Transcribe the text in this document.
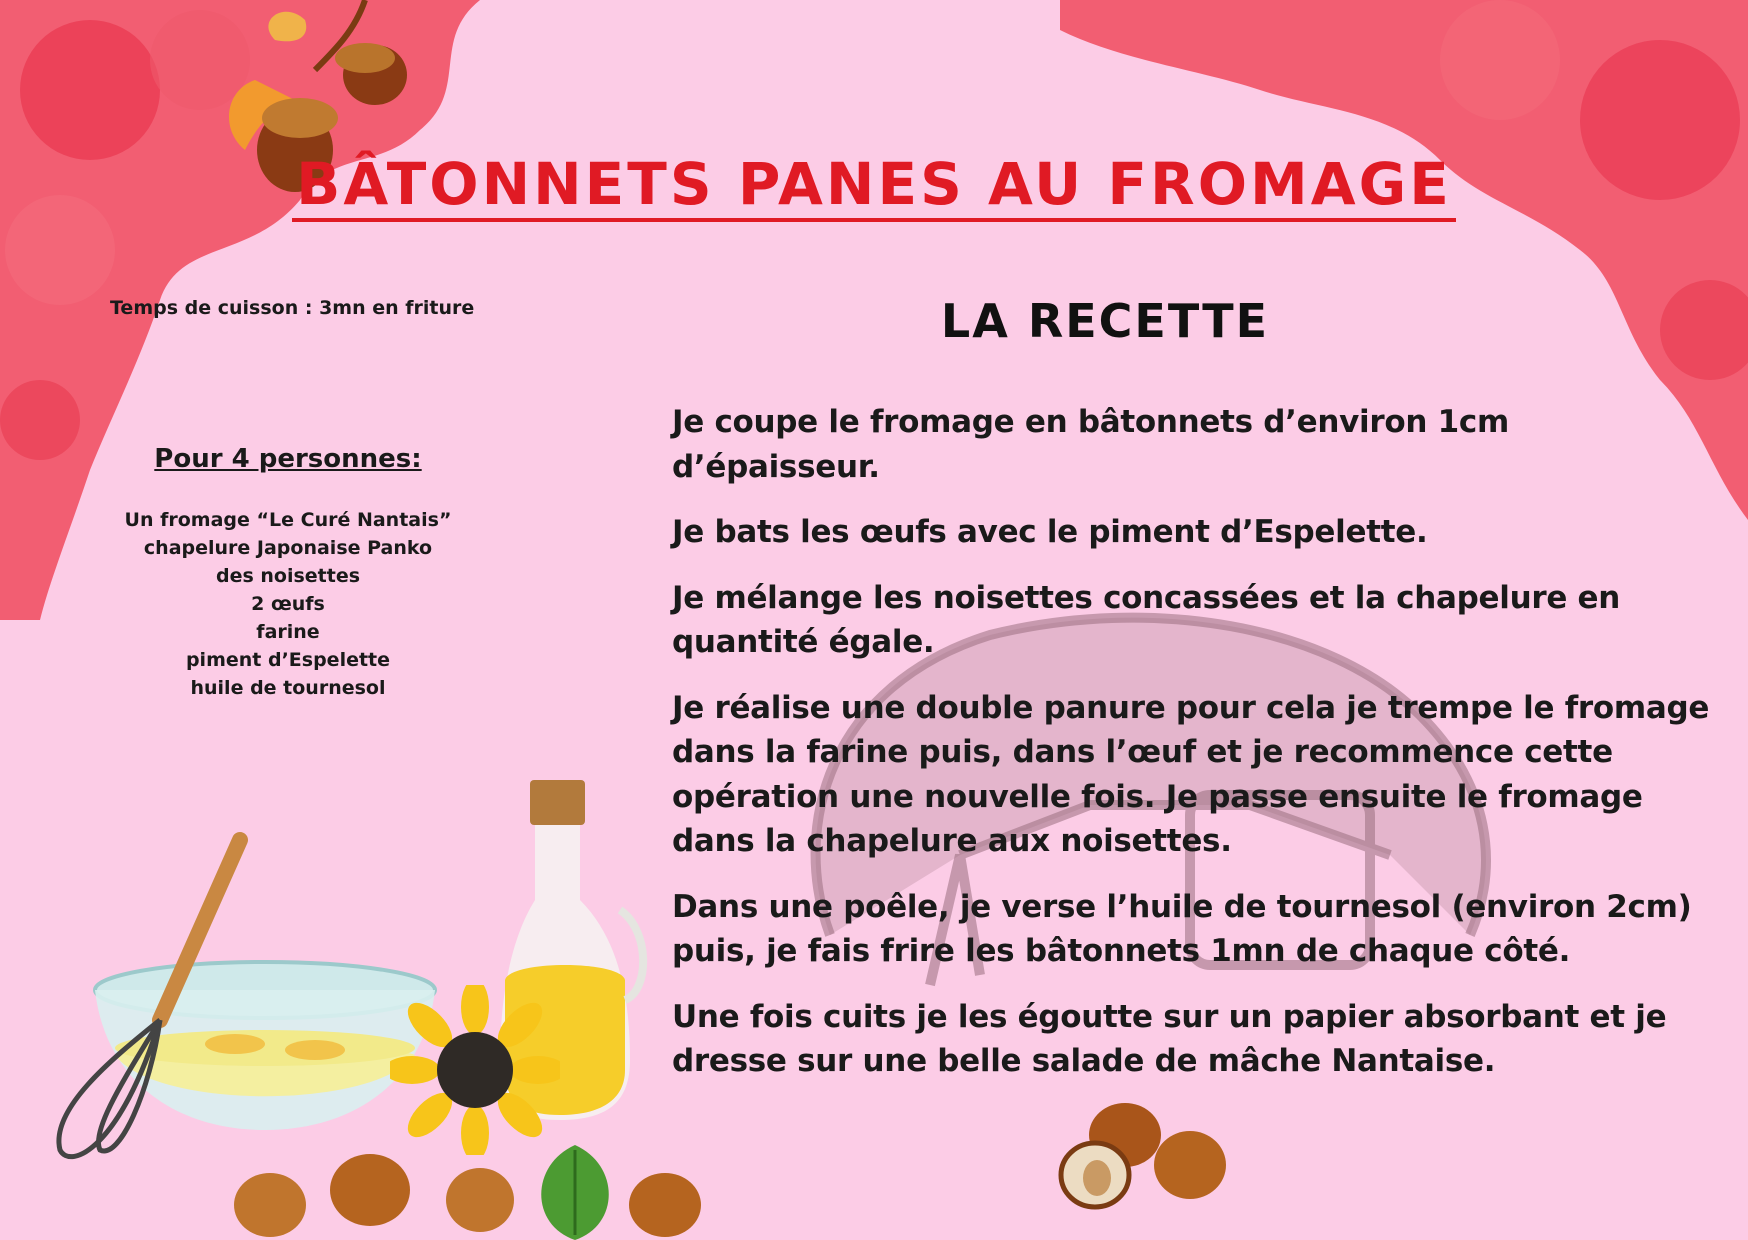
BÂTONNETS PANES AU FROMAGE
Temps de cuisson : 3mn en friture
Pour 4 personnes:
Un fromage “Le Curé Nantais”
chapelure Japonaise Panko
des noisettes
2 œufs
farine
piment d’Espelette
huile de tournesol
LA RECETTE
Je coupe le fromage en bâtonnets d’environ 1cm d’épaisseur.
Je bats les œufs avec le piment d’Espelette.
Je mélange les noisettes concassées et la chapelure en quantité égale.
Je réalise une double panure pour cela je trempe le fromage dans la farine puis, dans l’œuf et je recommence cette opération une nouvelle fois. Je passe ensuite le fromage dans la chapelure aux noisettes.
Dans une poêle, je verse l’huile de tournesol (environ 2cm) puis, je fais frire les bâtonnets 1mn de chaque côté.
Une fois cuits je les égoutte sur un papier absorbant et je dresse sur une belle salade de mâche Nantaise.
